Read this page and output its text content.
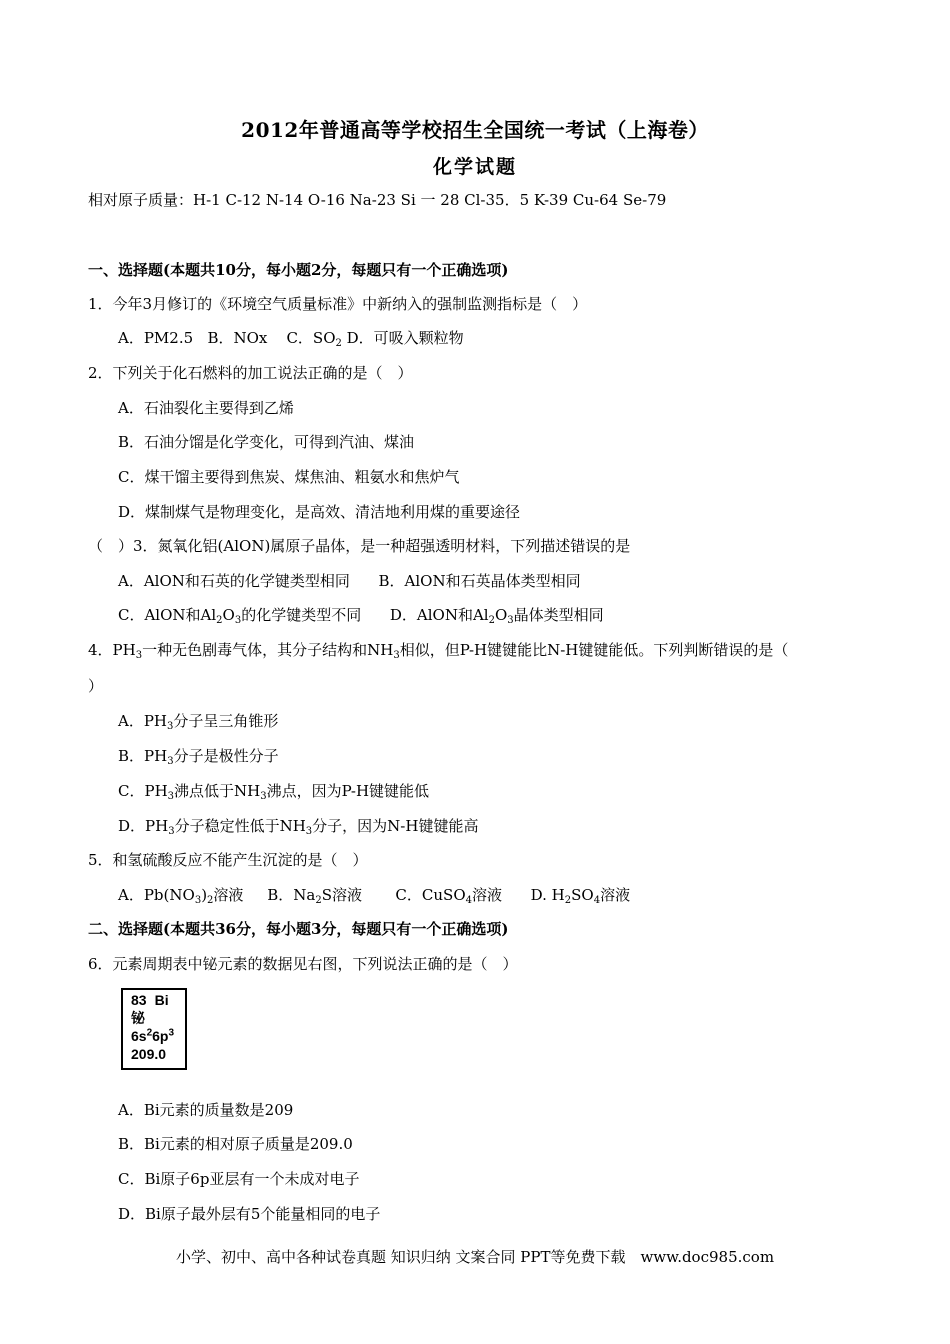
2012年普通高等学校招生全国统一考试（上海卷）
化学试题
相对原子质量：H-1 C-12 N-14 O-16 Na-23 Si 一 28 Cl-35．5 K-39 Cu-64 Se-79
一、选择题(本题共10分，每小题2分，每题只有一个正确选项)
1．今年3月修订的《环境空气质量标准》中新纳入的强制监测指标是（　）
A．PM2.5 B．NOx C．$SO_2$ D．可吸入颗粒物
2．下列关于化石燃料的加工说法正确的是（　）
A．石油裂化主要得到乙烯
B．石油分馏是化学变化，可得到汽油、煤油
C．煤干馏主要得到焦炭、煤焦油、粗氨水和焦炉气
D．煤制煤气是物理变化，是高效、清洁地利用煤的重要途径
（　）3．氮氧化铝(AlON)属原子晶体，是一种超强透明材料，下列描述错误的是
A．AlON和石英的化学键类型相同 B．AlON和石英晶体类型相同
C．AlON和$Al_2O_3$的化学键类型不同 D．AlON和$Al_2O_3$晶体类型相同
4．$PH_3$一种无色剧毒气体，其分子结构和$NH_3$相似，但P-H键键能比N-H键键能低。下列判断错误的是（
）
A．$PH_3$分子呈三角锥形
B．$PH_3$分子是极性分子
C．$PH_3$沸点低于$NH_3$沸点，因为P-H键键能低
D．$PH_3$分子稳定性低于$NH_3$分子，因为N-H键键能高
5．和氢硫酸反应不能产生沉淀的是（　）
A．$Pb(NO_3)_2$溶液 B．$Na_2S$溶液 C．CuSO$_4$溶液 D. $H_2SO_4$溶液
二、选择题(本题共36分，每小题3分，每题只有一个正确选项)
6．元素周期表中铋元素的数据见右图，下列说法正确的是（　）
83 Bi
铋
$6s^26p^3$
209.0
A．Bi元素的质量数是209
B．Bi元素的相对原子质量是209.0
C．Bi原子6p亚层有一个未成对电子
D．Bi原子最外层有5个能量相同的电子
小学、初中、高中各种试卷真题 知识归纳 文案合同 PPT等免费下载　www.doc985.com
